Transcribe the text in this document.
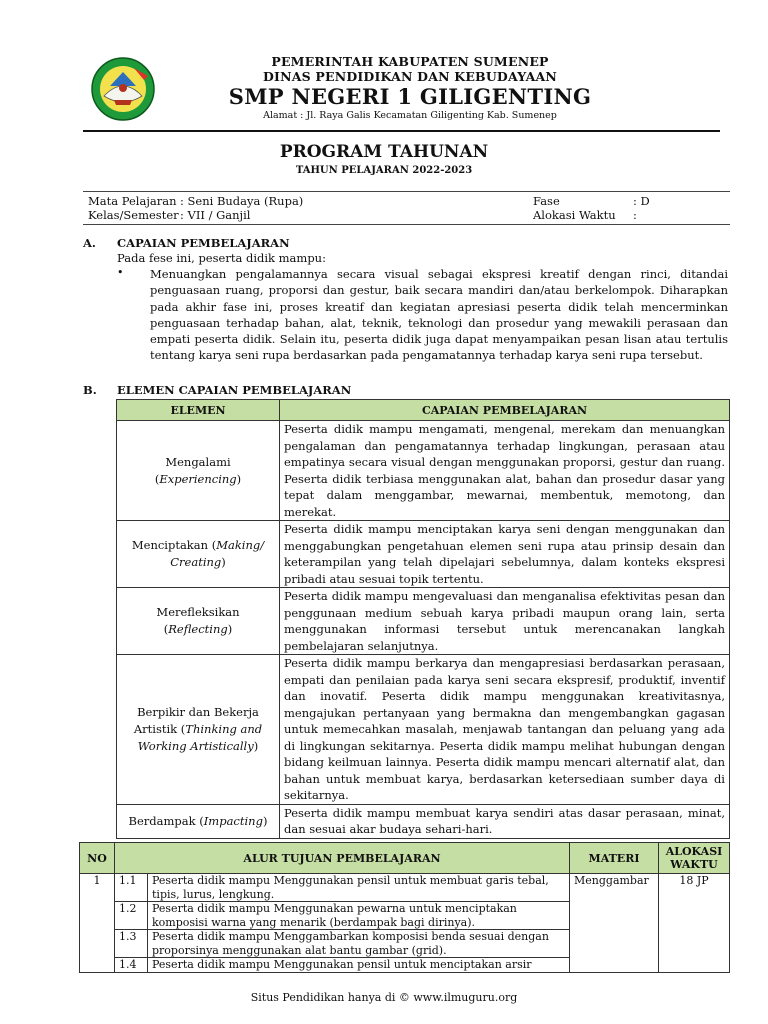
PEMERINTAH KABUPATEN SUMENEP
DINAS PENDIDIKAN DAN KEBUDAYAAN
SMP NEGERI 1 GILIGENTING
Alamat : Jl. Raya Galis Kecamatan Giligenting Kab. Sumenep
PROGRAM TAHUNAN
TAHUN PELAJARAN 2022-2023
Mata Pelajaran : Seni Budaya (Rupa)	Fase	: D
Kelas/Semester : VII / Ganjil	Alokasi Waktu :
A. CAPAIAN PEMBELAJARAN
Pada fese ini, peserta didik mampu:
• Menuangkan pengalamannya secara visual sebagai ekspresi kreatif dengan rinci, ditandai penguasaan ruang, proporsi dan gestur, baik secara mandiri dan/atau berkelompok. Diharapkan pada akhir fase ini, proses kreatif dan kegiatan apresiasi peserta didik telah mencerminkan penguasaan terhadap bahan, alat, teknik, teknologi dan prosedur yang mewakili perasaan dan empati peserta didik. Selain itu, peserta didik juga dapat menyampaikan pesan lisan atau tertulis tentang karya seni rupa berdasarkan pada pengamatannya terhadap karya seni rupa tersebut.
B. ELEMEN CAPAIAN PEMBELAJARAN
ELEMEN	CAPAIAN PEMBELAJARAN
Mengalami
(Experiencing)	Peserta didik mampu mengamati, mengenal, merekam dan menuangkan pengalaman dan pengamatannya terhadap lingkungan, perasaan atau empatinya secara visual dengan menggunakan proporsi, gestur dan ruang. Peserta didik terbiasa menggunakan alat, bahan dan prosedur dasar yang tepat dalam menggambar, mewarnai, membentuk, memotong, dan merekat.
Menciptakan (Making/ Creating)	Peserta didik mampu menciptakan karya seni dengan menggunakan dan menggabungkan pengetahuan elemen seni rupa atau prinsip desain dan keterampilan yang telah dipelajari sebelumnya, dalam konteks ekspresi pribadi atau sesuai topik tertentu.
Merefleksikan
(Reflecting)	Peserta didik mampu mengevaluasi dan menganalisa efektivitas pesan dan penggunaan medium sebuah karya pribadi maupun orang lain, serta menggunakan informasi tersebut untuk merencanakan langkah pembelajaran selanjutnya.
Berpikir dan Bekerja Artistik (Thinking and Working Artistically)	Peserta didik mampu berkarya dan mengapresiasi berdasarkan perasaan, empati dan penilaian pada karya seni secara ekspresif, produktif, inventif dan inovatif. Peserta didik mampu menggunakan kreativitasnya, mengajukan pertanyaan yang bermakna dan mengembangkan gagasan untuk memecahkan masalah, menjawab tantangan dan peluang yang ada di lingkungan sekitarnya. Peserta didik mampu melihat hubungan dengan bidang keilmuan lainnya. Peserta didik mampu mencari alternatif alat, dan bahan untuk membuat karya, berdasarkan ketersediaan sumber daya di sekitarnya.
Berdampak (Impacting)	Peserta didik mampu membuat karya sendiri atas dasar perasaan, minat, dan sesuai akar budaya sehari-hari.
NO	ALUR TUJUAN PEMBELAJARAN		MATERI	ALOKASI WAKTU
1	1.1	Peserta didik mampu Menggunakan pensil untuk membuat garis tebal, tipis, lurus, lengkung.	Menggambar	18 JP
	1.2	Peserta didik mampu Menggunakan pewarna untuk menciptakan komposisi warna yang menarik (berdampak bagi dirinya).		
	1.3	Peserta didik mampu Menggambarkan komposisi benda sesuai dengan proporsinya menggunakan alat bantu gambar (grid).		
	1.4	Peserta didik mampu Menggunakan pensil untuk menciptakan arsir		
Situs Pendidikan hanya di © www.ilmuguru.org
